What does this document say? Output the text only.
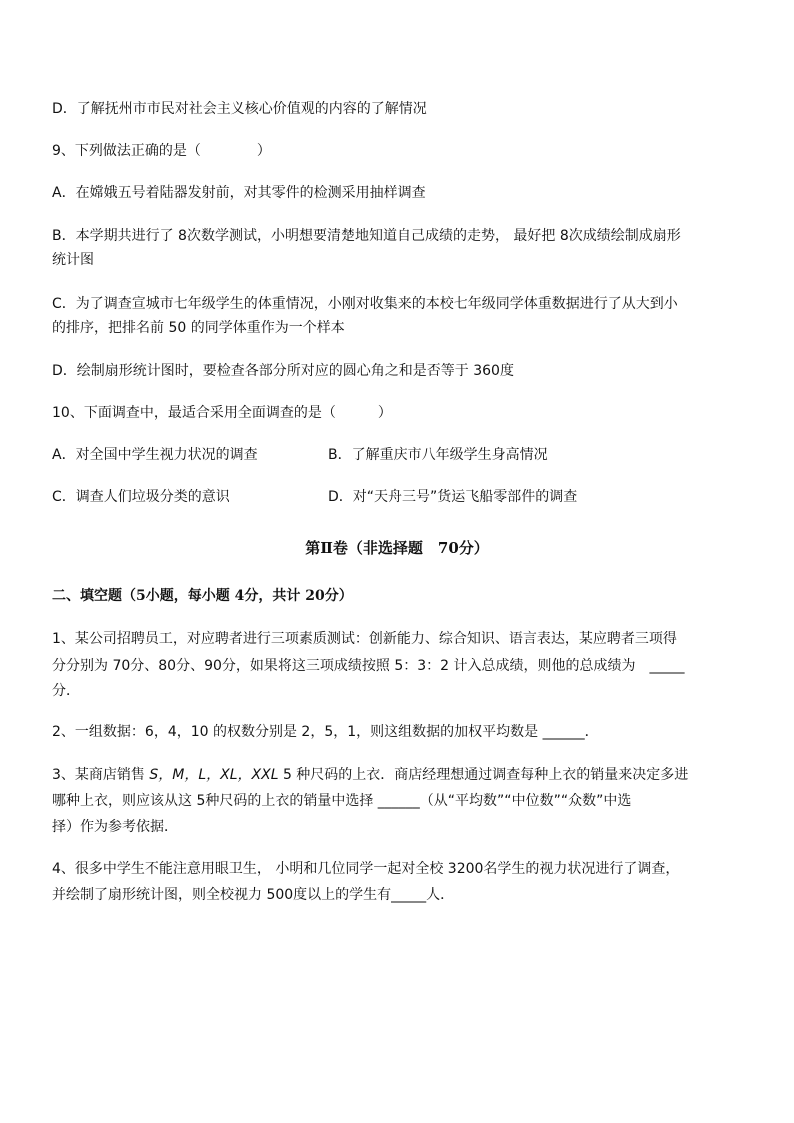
D．了解抚州市市民对社会主义核心价值观的内容的了解情况
9、下列做法正确的是（　　　　）
A．在嫦娥五号着陆器发射前，对其零件的检测采用抽样调查
B．本学期共进行了 8次数学测试，小明想要清楚地知道自己成绩的走势， 最好把 8次成绩绘制成扇形
统计图
C．为了调查宣城市七年级学生的体重情况，小刚对收集来的本校七年级同学体重数据进行了从大到小
的排序，把排名前 50 的同学体重作为一个样本
D．绘制扇形统计图时，要检查各部分所对应的圆心角之和是否等于 360度
10、下面调查中，最适合采用全面调查的是（　　　）
A．对全国中学生视力状况的调查	B．了解重庆市八年级学生身高情况
C．调查人们垃圾分类的意识	D．对“天舟三号”货运飞船零部件的调查
第Ⅱ卷（非选择题　70分）
二、填空题（5小题，每小题 4分，共计 20分）
1、某公司招聘员工，对应聘者进行三项素质测试：创新能力、综合知识、语言表达，某应聘者三项得
分分别为 70分、80分、90分，如果将这三项成绩按照 5：3：2 计入总成绩，则他的总成绩为　_____
分．
2、一组数据：6，4，10 的权数分别是 2，5，1，则这组数据的加权平均数是 ______．
3、某商店销售 S，M，L，XL，XXL 5 种尺码的上衣．商店经理想通过调查每种上衣的销量来决定多进
哪种上衣，则应该从这 5种尺码的上衣的销量中选择 ______（从“平均数”“中位数”“众数”中选
择）作为参考依据．
4、很多中学生不能注意用眼卫生， 小明和几位同学一起对全校 3200名学生的视力状况进行了调查，
并绘制了扇形统计图，则全校视力 500度以上的学生有_____人．
